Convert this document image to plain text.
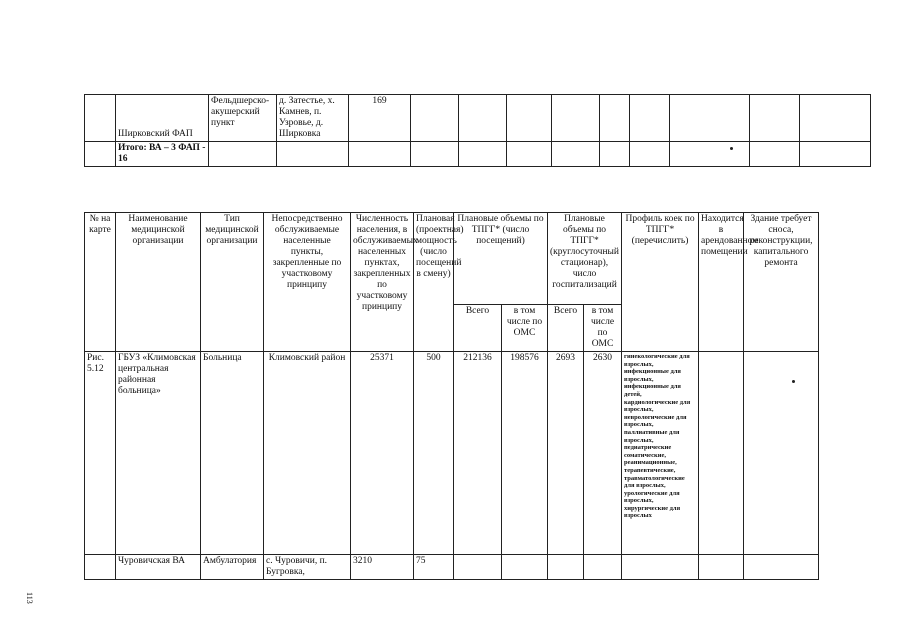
	Ширковский ФАП	Фельдшерско-акушерский пункт	д. Затестье, х. Камнев, п. Узровье, д. Ширковка	169									
	Итого: ВА – 3 ФАП - 16												
№ на карте	Наименование медицинской организации	Тип медицинской организации	Непосредственно обслуживаемые населенные пункты, закрепленные по участковому принципу	Численность населения, в обслуживаемых населенных пунктах, закрепленных по участковому принципу	Плановая (проектная) мощность (число посещений в смену)	Плановые объемы по ТПГГ* (число посещений)		Плановые объемы по ТПГГ* (круглосуточный стационар), число госпитализаций		Профиль коек по ТПГГ* (перечислить)	Находится в арендованном помещении	Здание требует сноса, реконструкции, капитального ремонта
						Всего	в том числе по ОМС	Всего	в том числе по ОМС			
Рис. 5.12	ГБУЗ «Климовская центральная районная больница»	Больница	Климовский район	25371	500	212136	198576	2693	2630	гинекологические для взрослых, инфекционные для взрослых, инфекционные для детей, кардиологические для взрослых, неврологические для взрослых, паллиативные для взрослых, педиатрические соматические, реанимационные, терапевтические, травматологические для взрослых, урологические для взрослых, хирургические для взрослых		
	Чуровичская ВА	Амбулатория	с. Чуровичи, п. Бугровка,	3210	75							
113
